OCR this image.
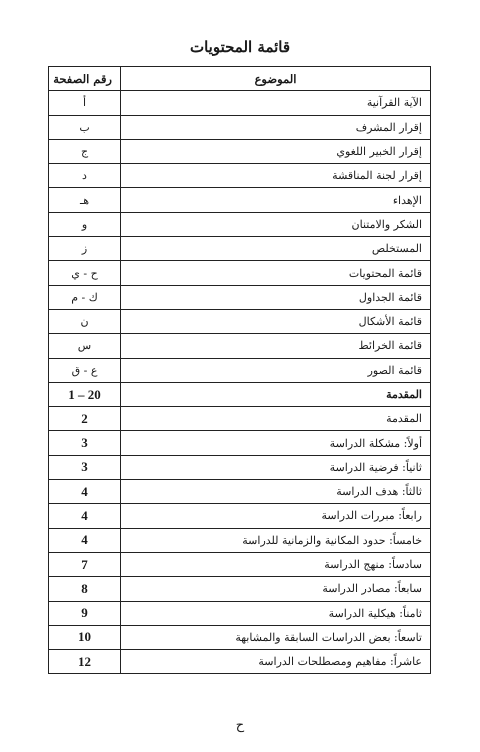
قائمة المحتويات
الموضوع	رقم الصفحة
الآية القرآنية	أ
إقرار المشرف	ب
إقرار الخبير اللغوي	ج
إقرار لجنة المناقشة	د
الإهداء	هـ
الشكر والامتنان	و
المستخلص	ز
قائمة المحتويات	ح - ي
قائمة الجداول	ك - م
قائمة الأشكال	ن
قائمة الخرائط	س
قائمة الصور	ع - ق
المقدمة	1 – 20
المقدمة	2
أولاً: مشكلة الدراسة	3
ثانياً: فرضية الدراسة	3
ثالثاً: هدف الدراسة	4
رابعاً: مبررات الدراسة	4
خامساً: حدود المكانية والزمانية للدراسة	4
سادساً: منهج الدراسة	7
سابعاً: مصادر الدراسة	8
ثامناً: هيكلية الدراسة	9
تاسعاً: بعض الدراسات السابقة والمشابهة	10
عاشراً: مفاهيم ومصطلحات الدراسة	12
ح
